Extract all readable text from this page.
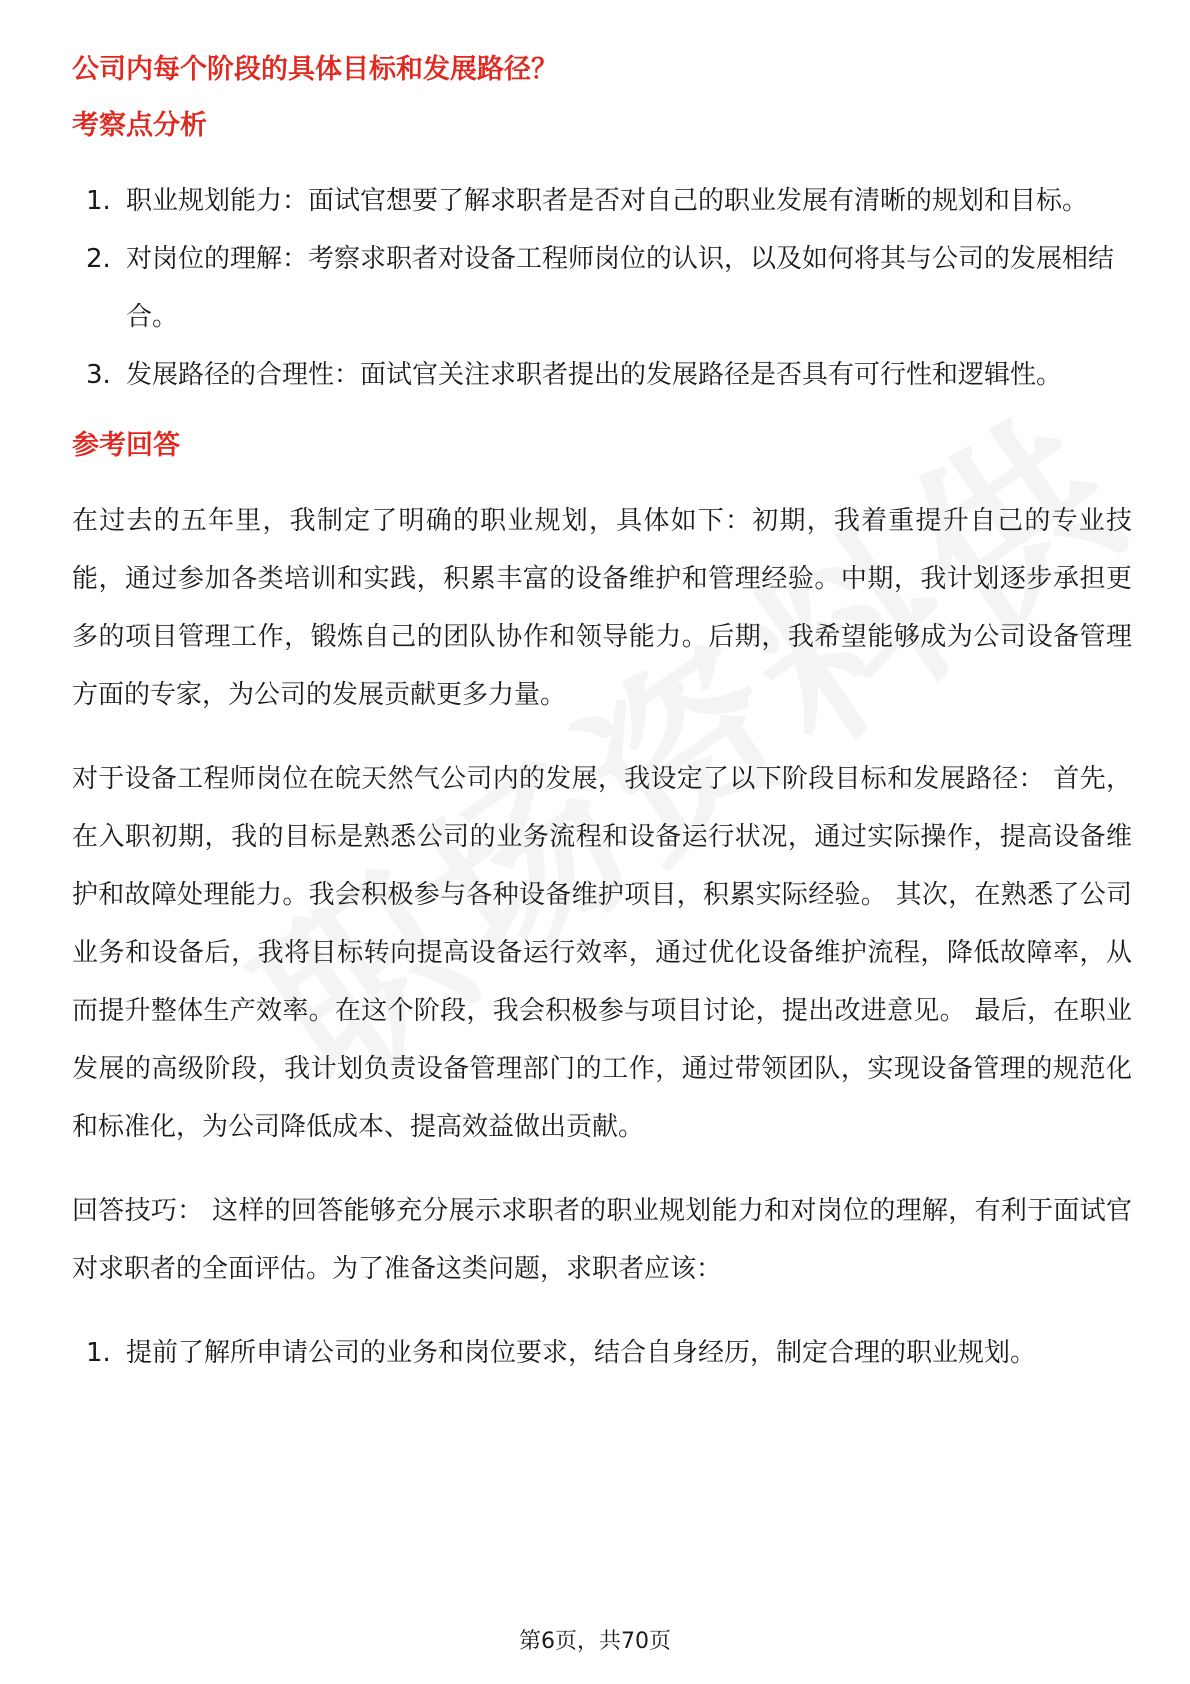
公司内每个阶段的具体目标和发展路径？
考察点分析
1. 职业规划能力：面试官想要了解求职者是否对自己的职业发展有清晰的规划和目标。
2. 对岗位的理解：考察求职者对设备工程师岗位的认识，以及如何将其与公司的发展相结合。
3. 发展路径的合理性：面试官关注求职者提出的发展路径是否具有可行性和逻辑性。
参考回答

在过去的五年里，我制定了明确的职业规划，具体如下：初期，我着重提升自己的专业技能，通过参加各类培训和实践，积累丰富的设备维护和管理经验。中期，我计划逐步承担更多的项目管理工作，锻炼自己的团队协作和领导能力。后期，我希望能够成为公司设备管理方面的专家，为公司的发展贡献更多力量。

对于设备工程师岗位在皖天然气公司内的发展，我设定了以下阶段目标和发展路径： 首先，在入职初期，我的目标是熟悉公司的业务流程和设备运行状况，通过实际操作，提高设备维护和故障处理能力。我会积极参与各种设备维护项目，积累实际经验。 其次，在熟悉了公司业务和设备后，我将目标转向提高设备运行效率，通过优化设备维护流程，降低故障率，从而提升整体生产效率。在这个阶段，我会积极参与项目讨论，提出改进意见。 最后，在职业发展的高级阶段，我计划负责设备管理部门的工作，通过带领团队，实现设备管理的规范化和标准化，为公司降低成本、提高效益做出贡献。

回答技巧： 这样的回答能够充分展示求职者的职业规划能力和对岗位的理解，有利于面试官对求职者的全面评估。为了准备这类问题，求职者应该：

1. 提前了解所申请公司的业务和岗位要求，结合自身经历，制定合理的职业规划。
第6页，共70页
